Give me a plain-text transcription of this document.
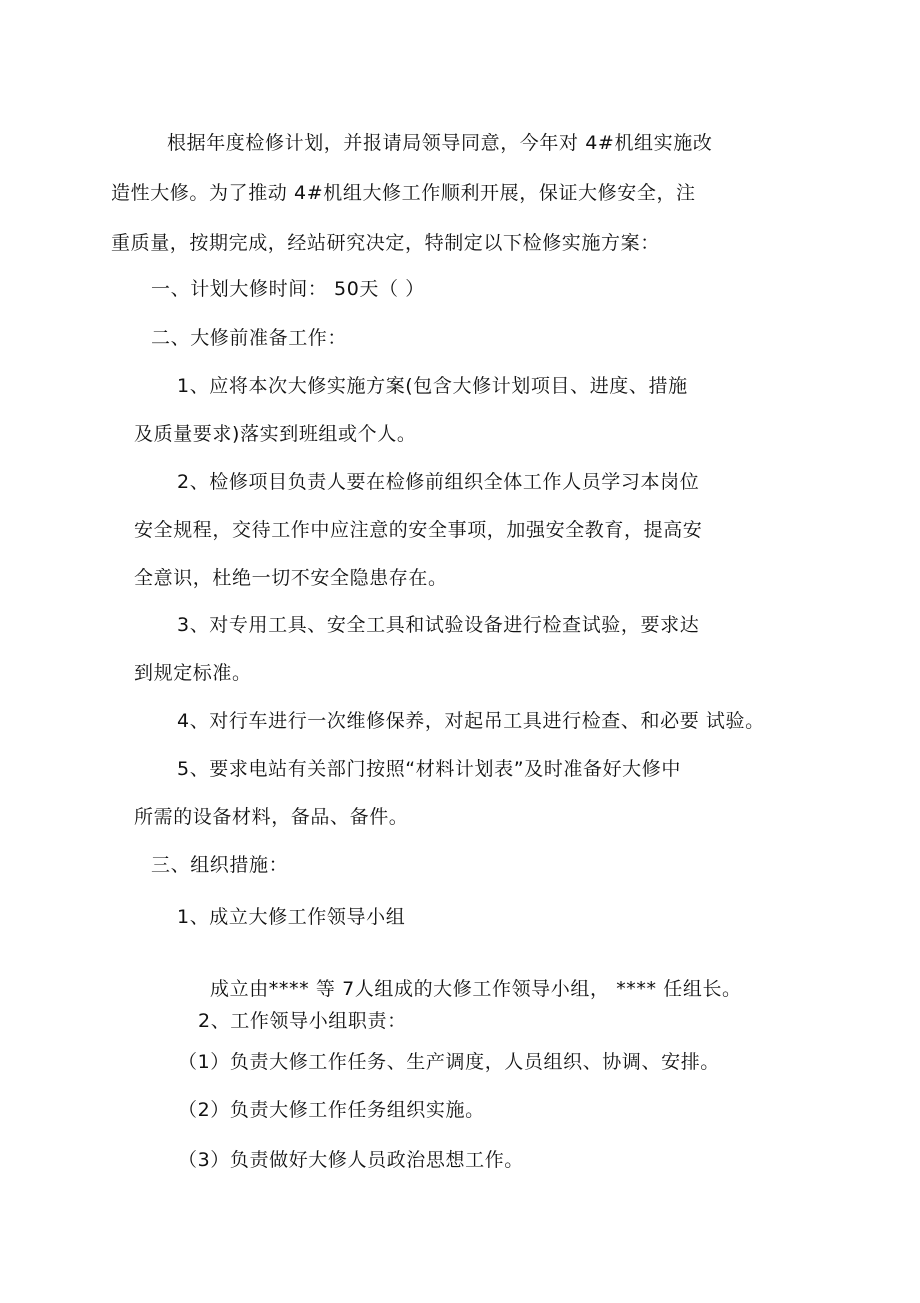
根据年度检修计划，并报请局领导同意，今年对 4#机组实施改
造性大修。为了推动 4#机组大修工作顺利开展，保证大修安全，注
重质量，按期完成，经站研究决定，特制定以下检修实施方案：
一、计划大修时间： 50天（ ）
二、大修前准备工作：
1、应将本次大修实施方案(包含大修计划项目、进度、措施
及质量要求)落实到班组或个人。
2、检修项目负责人要在检修前组织全体工作人员学习本岗位
安全规程，交待工作中应注意的安全事项，加强安全教育，提高安
全意识，杜绝一切不安全隐患存在。
3、对专用工具、安全工具和试验设备进行检查试验，要求达
到规定标准。
4、对行车进行一次维修保养，对起吊工具进行检查、和必要 试验。
5、要求电站有关部门按照“材料计划表”及时准备好大修中
所需的设备材料，备品、备件。
三、组织措施：
1、成立大修工作领导小组
成立由**** 等 7人组成的大修工作领导小组， **** 任组长。
2、工作领导小组职责：
（1）负责大修工作任务、生产调度，人员组织、协调、安排。
（2）负责大修工作任务组织实施。
（3）负责做好大修人员政治思想工作。
